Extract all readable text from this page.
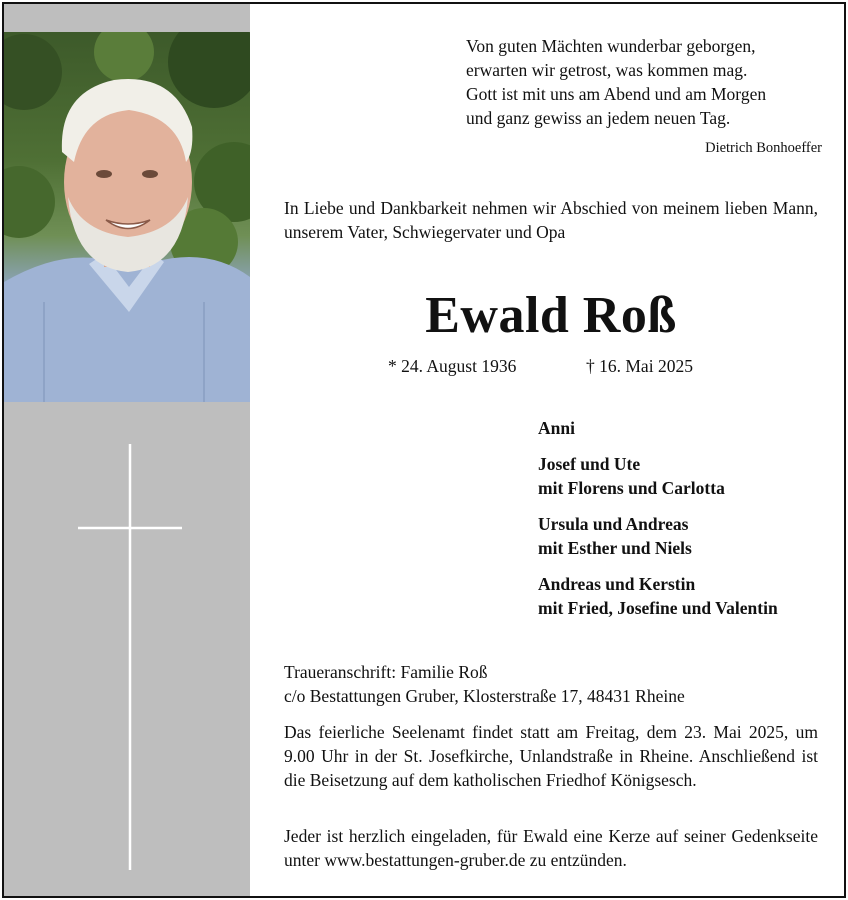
Von guten Mächten wunderbar geborgen,
erwarten wir getrost, was kommen mag.
Gott ist mit uns am Abend und am Morgen
und ganz gewiss an jedem neuen Tag.
Dietrich Bonhoeffer
In Liebe und Dankbarkeit nehmen wir Abschied von meinem lieben Mann, unserem Vater, Schwiegervater und Opa
Ewald Roß
* 24. August 1936	† 16. Mai 2025
Anni
Josef und Ute
mit Florens und Carlotta
Ursula und Andreas
mit Esther und Niels
Andreas und Kerstin
mit Fried, Josefine und Valentin
Traueranschrift: Familie Roß
c/o Bestattungen Gruber, Klosterstraße 17, 48431 Rheine
Das feierliche Seelenamt findet statt am Freitag, dem 23. Mai 2025, um 9.00 Uhr in der St. Josefkirche, Unlandstraße in Rheine. Anschließend ist die Beisetzung auf dem katholischen Friedhof Königsesch.
Jeder ist herzlich eingeladen, für Ewald eine Kerze auf seiner Gedenkseite unter www.bestattungen-gruber.de zu entzünden.
